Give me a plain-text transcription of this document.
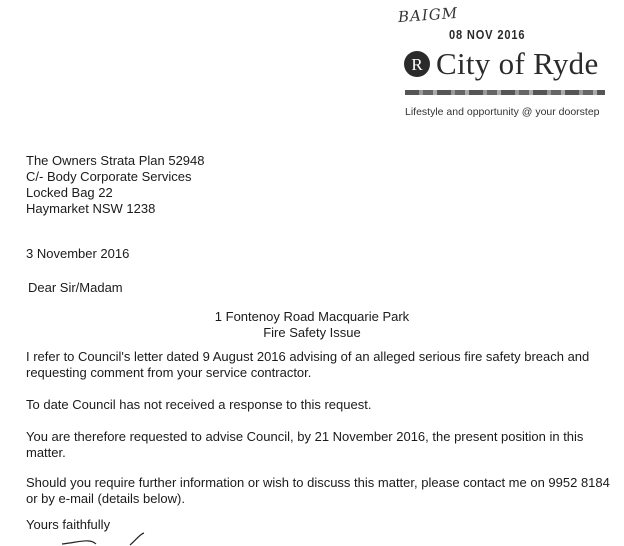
BAIGM
08 NOV 2016
R City of Ryde
Lifestyle and opportunity @ your doorstep
The Owners Strata Plan 52948
C/- Body Corporate Services
Locked Bag 22
Haymarket NSW 1238
3 November 2016
Dear Sir/Madam
1 Fontenoy Road Macquarie Park
Fire Safety Issue
I refer to Council's letter dated 9 August 2016 advising of an alleged serious fire safety breach and requesting comment from your service contractor.
To date Council has not received a response to this request.
You are therefore requested to advise Council, by 21 November 2016, the present position in this matter.
Should you require further information or wish to discuss this matter, please contact me on 9952 8184 or by e-mail (details below).
Yours faithfully
